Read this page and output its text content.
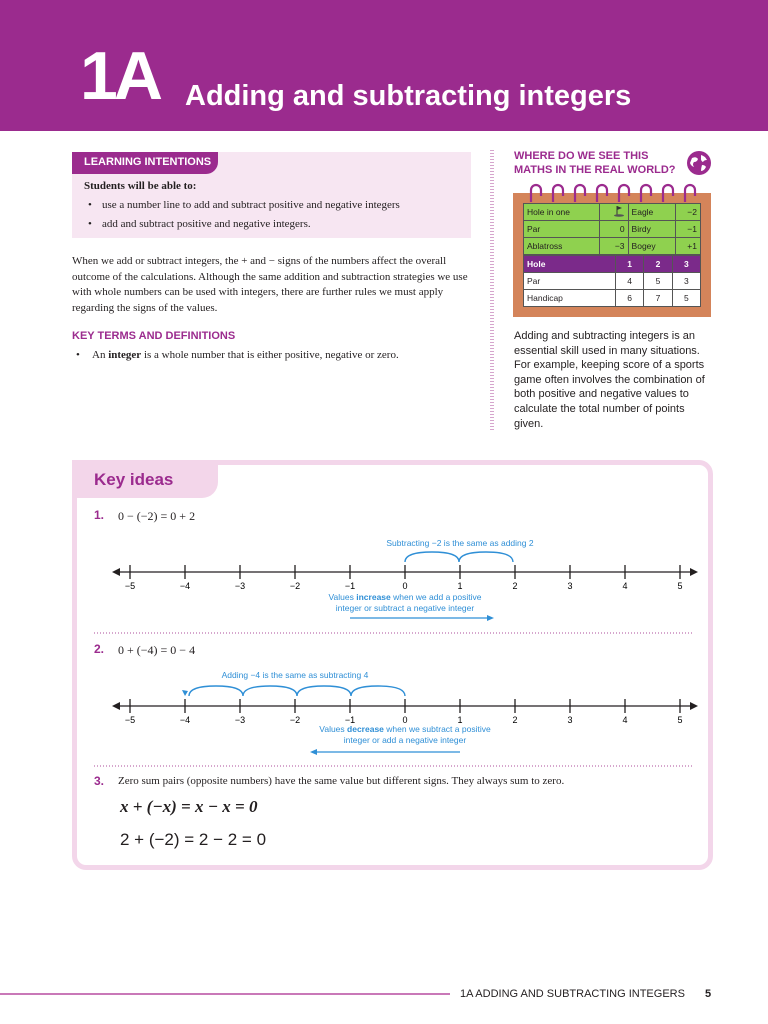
1A Adding and subtracting integers
LEARNING INTENTIONS
Students will be able to:
• use a number line to add and subtract positive and negative integers
• add and subtract positive and negative integers.

When we add or subtract integers, the + and − signs of the numbers affect the overall outcome of the calculations. Although the same addition and subtraction strategies we use with whole numbers can be used with integers, there are further rules we must apply regarding the signs of the values.

KEY TERMS AND DEFINITIONS
• An integer is a whole number that is either positive, negative or zero.
WHERE DO WE SEE THIS MATHS IN THE REAL WORLD?
Hole in one		Eagle	−2
Par	0	Birdy	−1
Ablatross	−3	Bogey	+1
Hole	1	2	3
Par	4	5	3
Handicap	6	7	5

Adding and subtracting integers is an essential skill used in many situations. For example, keeping score of a sports game often involves the combination of both positive and negative values to calculate the total number of points given.

Key ideas
1. 0 − (−2) = 0 + 2
Subtracting −2 is the same as adding 2
−5	−4	−3	−2	−1	0	1	2	3	4	5
Values increase when we add a positive
integer or subtract a negative integer
2. 0 + (−4) = 0 − 4
Adding −4 is the same as subtracting 4
−5	−4	−3	−2	−1	0	1	2	3	4	5
Values decrease when we subtract a positive
integer or add a negative integer
3. Zero sum pairs (opposite numbers) have the same value but different signs. They always sum to zero.
x + (−x) = x − x = 0
2 + (−2) = 2 − 2 = 0
1A ADDING AND SUBTRACTING INTEGERS 5
